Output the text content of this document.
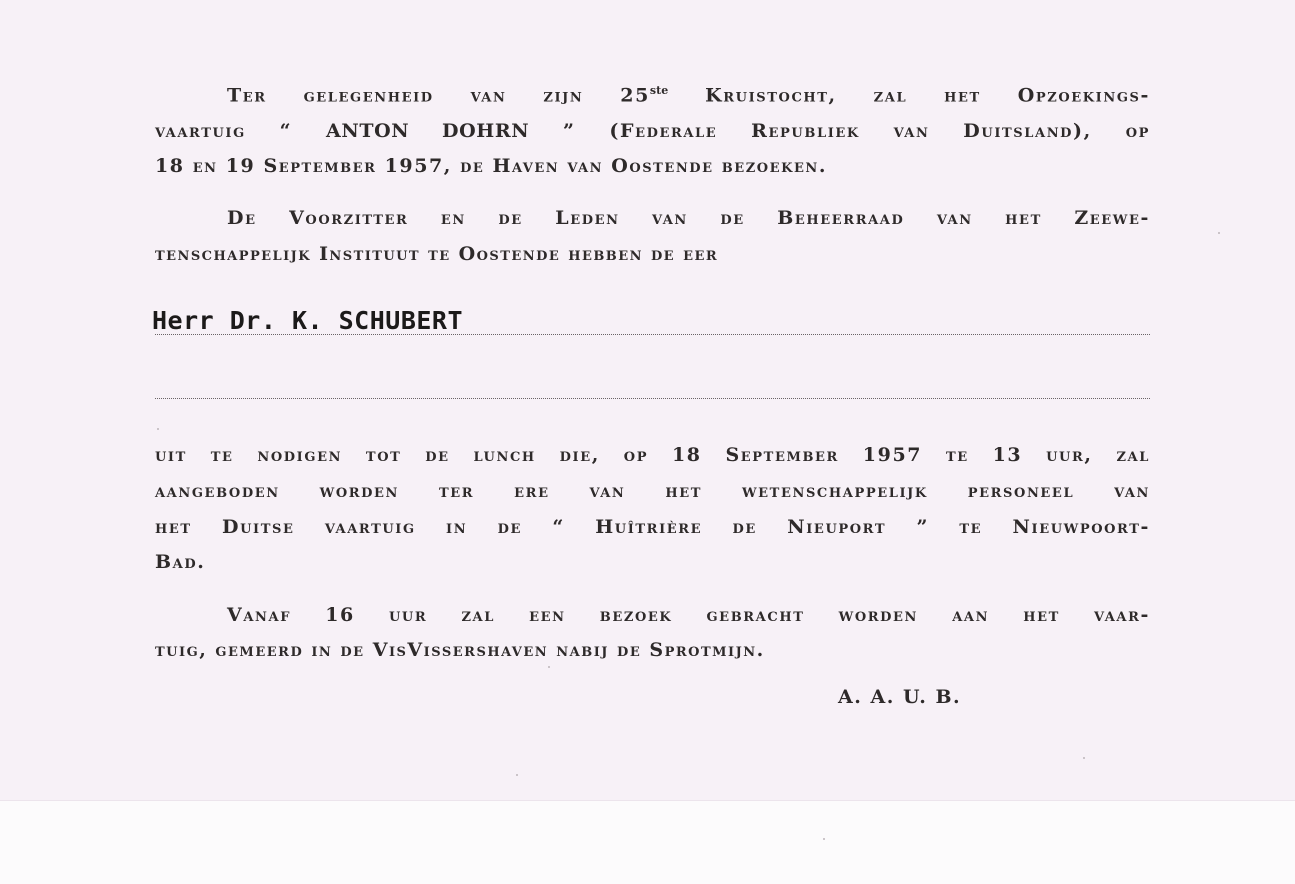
Ter gelegenheid van zijn 25ste Kruistocht, zal het Opzoekings-

vaartuig “ ANTON DOHRN ” (Federale Republiek van Duitsland), op

18 en 19 September 1957, de Haven van Oostende bezoeken.

De Voorzitter en de Leden van de Beheerraad van het Zeewe-

tenschappelijk Instituut te Oostende hebben de eer

Herr Dr. K. SCHUBERT

uit te nodigen tot de lunch die, op 18 September 1957 te 13 uur, zal

aangeboden worden ter ere van het wetenschappelijk personeel van

het Duitse vaartuig in de “ Huîtrière de Nieuport ” te Nieuwpoort-

Bad.

Vanaf 16 uur zal een bezoek gebracht worden aan het vaar-

tuig, gemeerd in de VisVissershaven nabij de Sprotmijn.

A. A. U. B.
